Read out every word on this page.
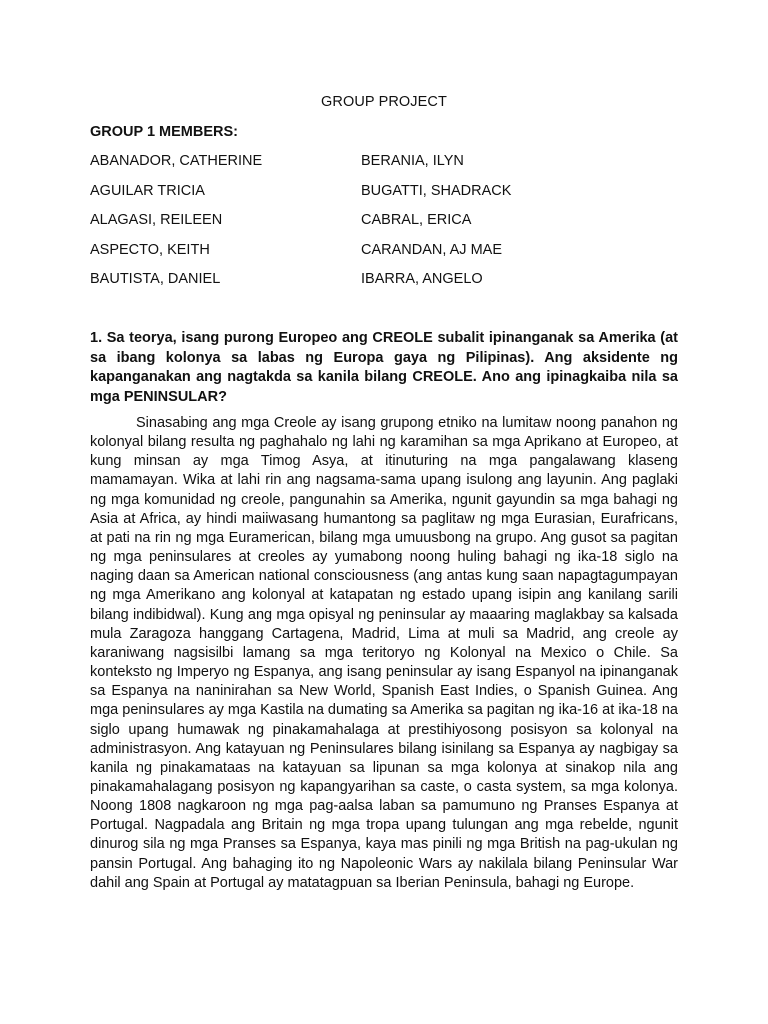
GROUP PROJECT
GROUP 1 MEMBERS:
ABANADOR, CATHERINE	BERANIA, ILYN
AGUILAR TRICIA	BUGATTI, SHADRACK
ALAGASI, REILEEN	CABRAL, ERICA
ASPECTO, KEITH	CARANDAN, AJ MAE
BAUTISTA, DANIEL	IBARRA, ANGELO
1. Sa teorya, isang purong Europeo ang CREOLE subalit ipinanganak sa Amerika (at sa ibang kolonya sa labas ng Europa gaya ng Pilipinas). Ang aksidente ng kapanganakan ang nagtakda sa kanila bilang CREOLE. Ano ang ipinagkaiba nila sa mga PENINSULAR?

Sinasabing ang mga Creole ay isang grupong etniko na lumitaw noong panahon ng kolonyal bilang resulta ng paghahalo ng lahi ng karamihan sa mga Aprikano at Europeo, at kung minsan ay mga Timog Asya, at itinuturing na mga pangalawang klaseng mamamayan. Wika at lahi rin ang nagsama-sama upang isulong ang layunin. Ang paglaki ng mga komunidad ng creole, pangunahin sa Amerika, ngunit gayundin sa mga bahagi ng Asia at Africa, ay hindi maiiwasang humantong sa paglitaw ng mga Eurasian, Eurafricans, at pati na rin ng mga Euramerican, bilang mga umuusbong na grupo. Ang gusot sa pagitan ng mga peninsulares at creoles ay yumabong noong huling bahagi ng ika-18 siglo na naging daan sa American national consciousness (ang antas kung saan napagtagumpayan ng mga Amerikano ang kolonyal at katapatan ng estado upang isipin ang kanilang sarili bilang indibidwal). Kung ang mga opisyal ng peninsular ay maaaring maglakbay sa kalsada mula Zaragoza hanggang Cartagena, Madrid, Lima at muli sa Madrid, ang creole ay karaniwang nagsisilbi lamang sa mga teritoryo ng Kolonyal na Mexico o Chile. Sa konteksto ng Imperyo ng Espanya, ang isang peninsular ay isang Espanyol na ipinanganak sa Espanya na naninirahan sa New World, Spanish East Indies, o Spanish Guinea. Ang mga peninsulares ay mga Kastila na dumating sa Amerika sa pagitan ng ika-16 at ika-18 na siglo upang humawak ng pinakamahalaga at prestihiyosong posisyon sa kolonyal na administrasyon. Ang katayuan ng Peninsulares bilang isinilang sa Espanya ay nagbigay sa kanila ng pinakamataas na katayuan sa lipunan sa mga kolonya at sinakop nila ang pinakamahalagang posisyon ng kapangyarihan sa caste, o casta system, sa mga kolonya. Noong 1808 nagkaroon ng mga pag-aalsa laban sa pamumuno ng Pranses Espanya at Portugal. Nagpadala ang Britain ng mga tropa upang tulungan ang mga rebelde, ngunit dinurog sila ng mga Pranses sa Espanya, kaya mas pinili ng mga British na pag-ukulan ng pansin Portugal. Ang bahaging ito ng Napoleonic Wars ay nakilala bilang Peninsular War dahil ang Spain at Portugal ay matatagpuan sa Iberian Peninsula, bahagi ng Europe.
